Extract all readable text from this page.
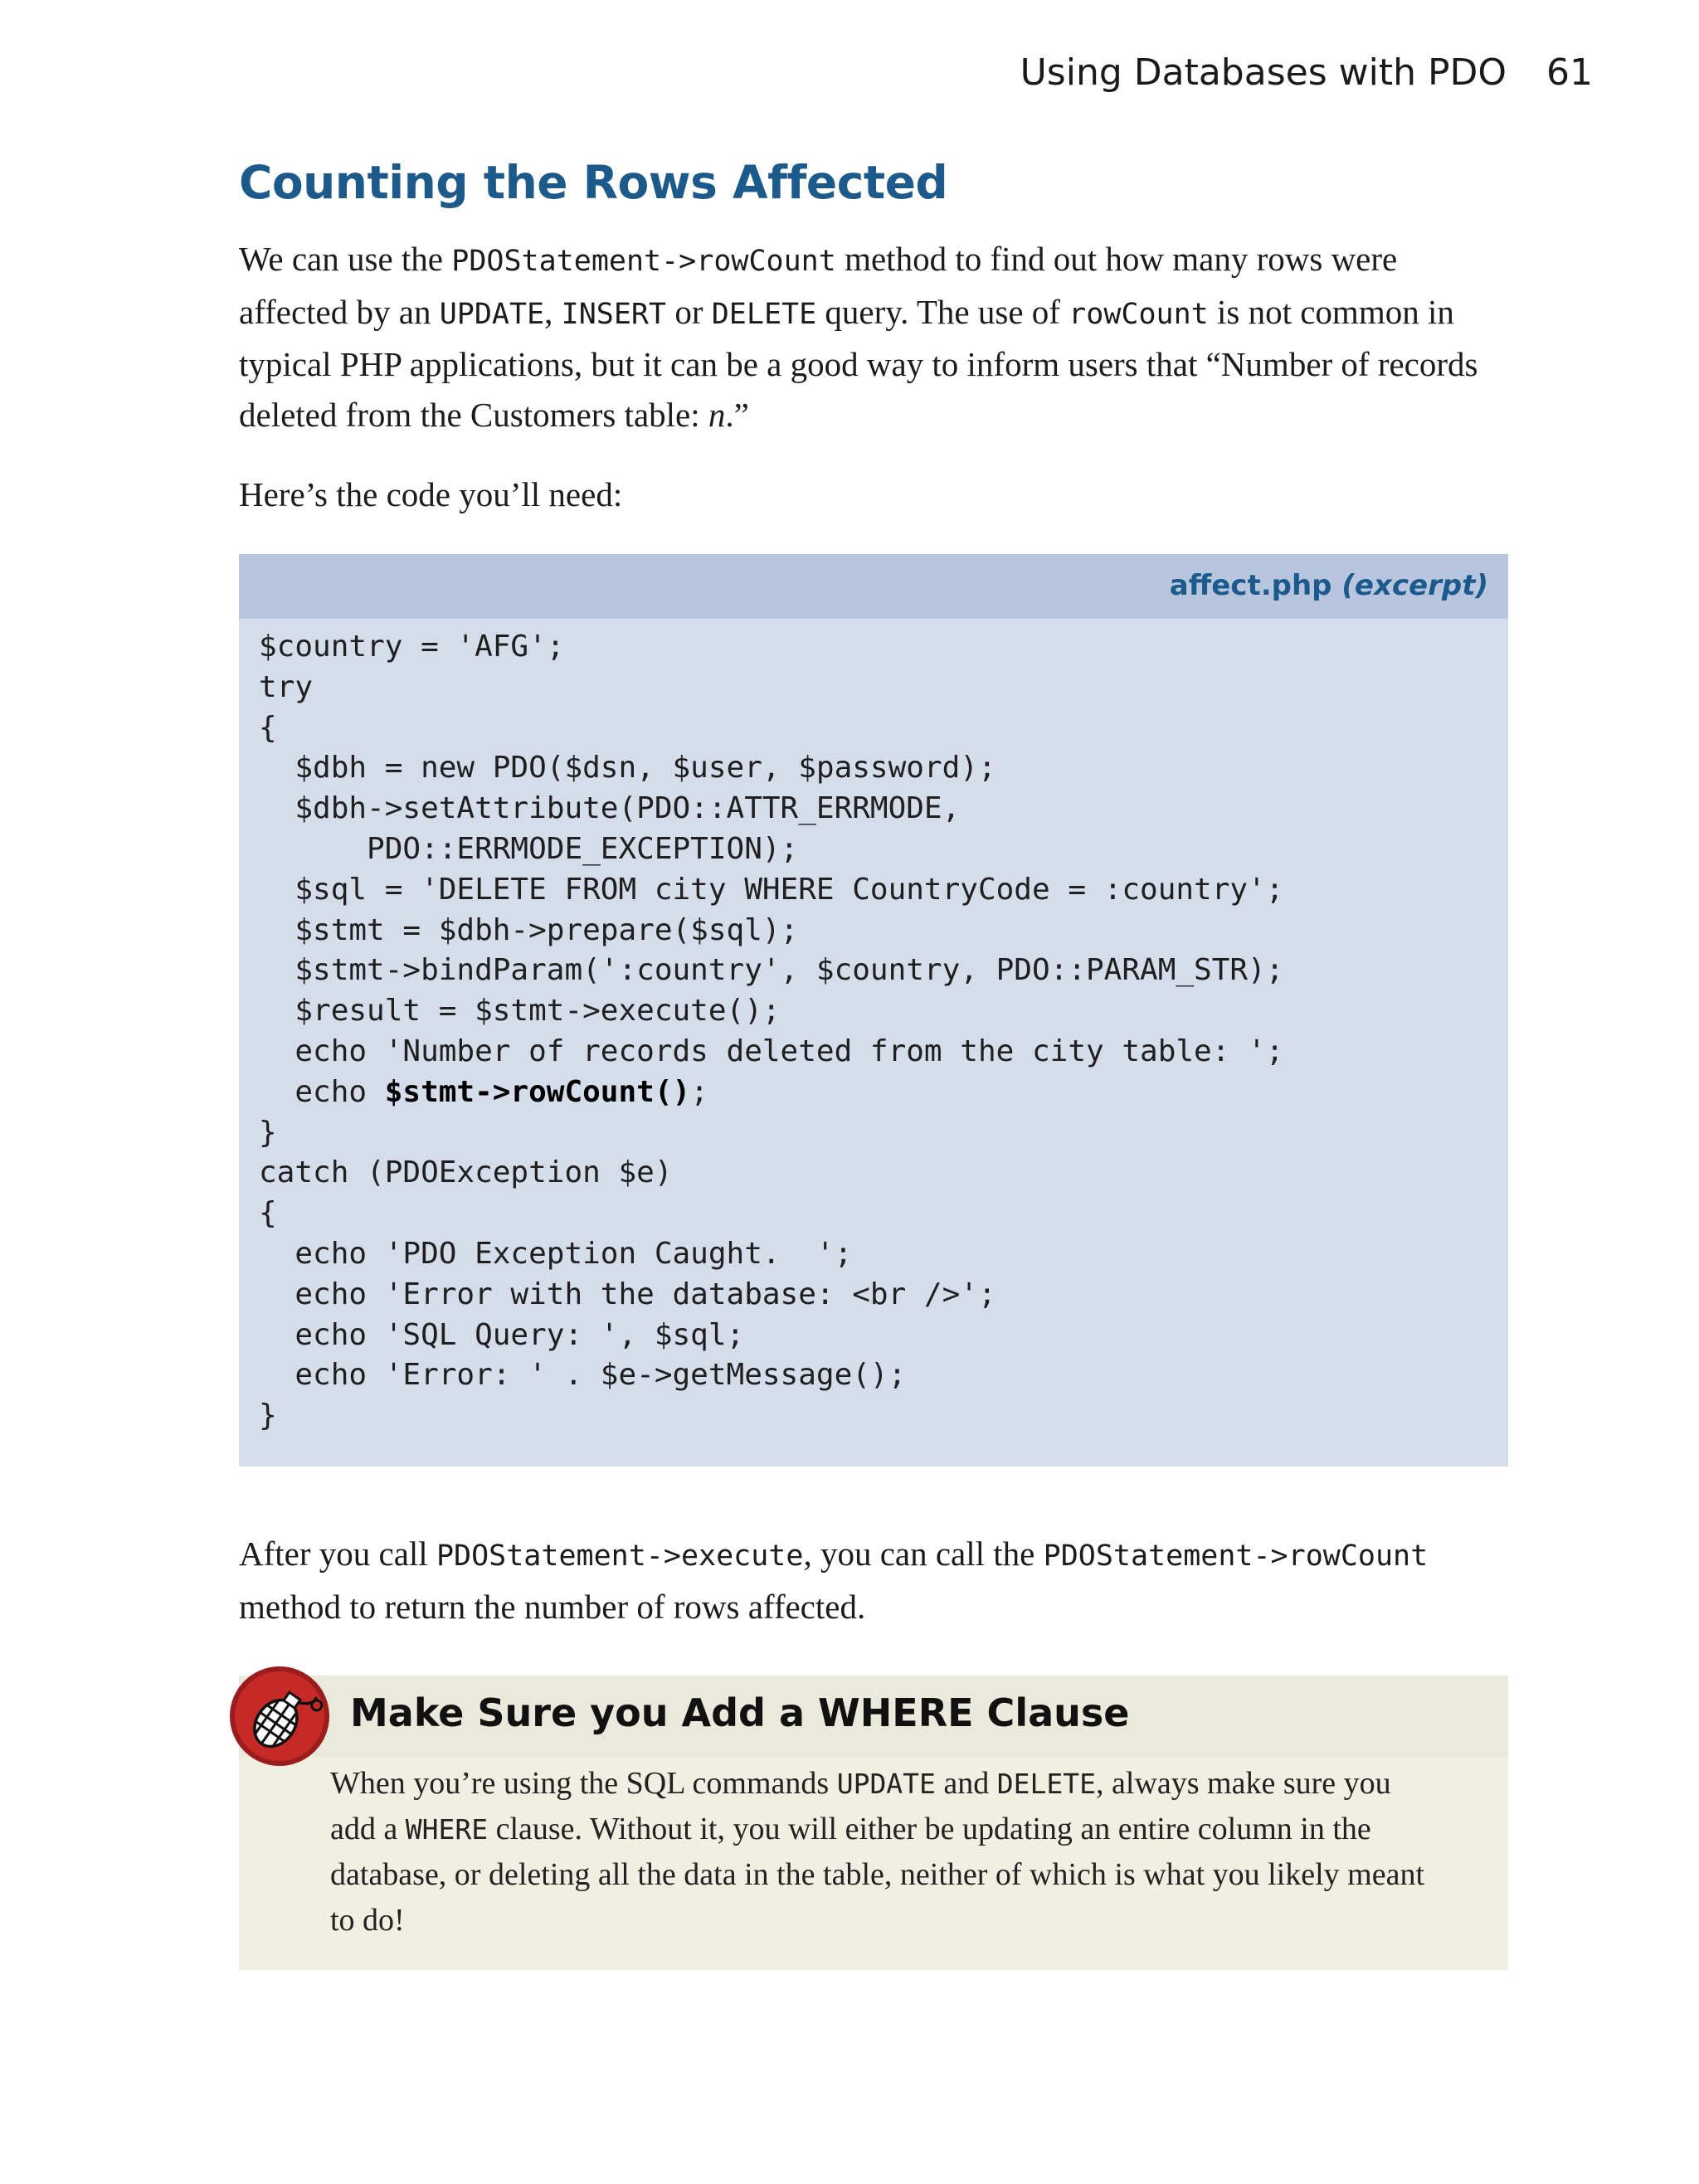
Using Databases with PDO 61
Counting the Rows Affected

We can use the PDOStatement->rowCount method to find out how many rows were affected by an UPDATE, INSERT or DELETE query. The use of rowCount is not common in typical PHP applications, but it can be a good way to inform users that “Number of records deleted from the Customers table: n.”

Here’s the code you’ll need:

affect.php (excerpt)
$country = 'AFG';
try
{
$dbh = new PDO($dsn, $user, $password);
$dbh->setAttribute(PDO::ATTR_ERRMODE,
PDO::ERRMODE_EXCEPTION);
$sql = 'DELETE FROM city WHERE CountryCode = :country';
$stmt = $dbh->prepare($sql);
$stmt->bindParam(':country', $country, PDO::PARAM_STR);
$result = $stmt->execute();
echo 'Number of records deleted from the city table: ';
echo $stmt->rowCount();
}
catch (PDOException $e)
{
echo 'PDO Exception Caught.  ';
echo 'Error with the database: <br />';
echo 'SQL Query: ', $sql;
echo 'Error: ' . $e->getMessage();
}

After you call PDOStatement->execute, you can call the PDOStatement->rowCount method to return the number of rows affected.

Make Sure you Add a WHERE Clause

When you’re using the SQL commands UPDATE and DELETE, always make sure you add a WHERE clause. Without it, you will either be updating an entire column in the database, or deleting all the data in the table, neither of which is what you likely meant to do!
